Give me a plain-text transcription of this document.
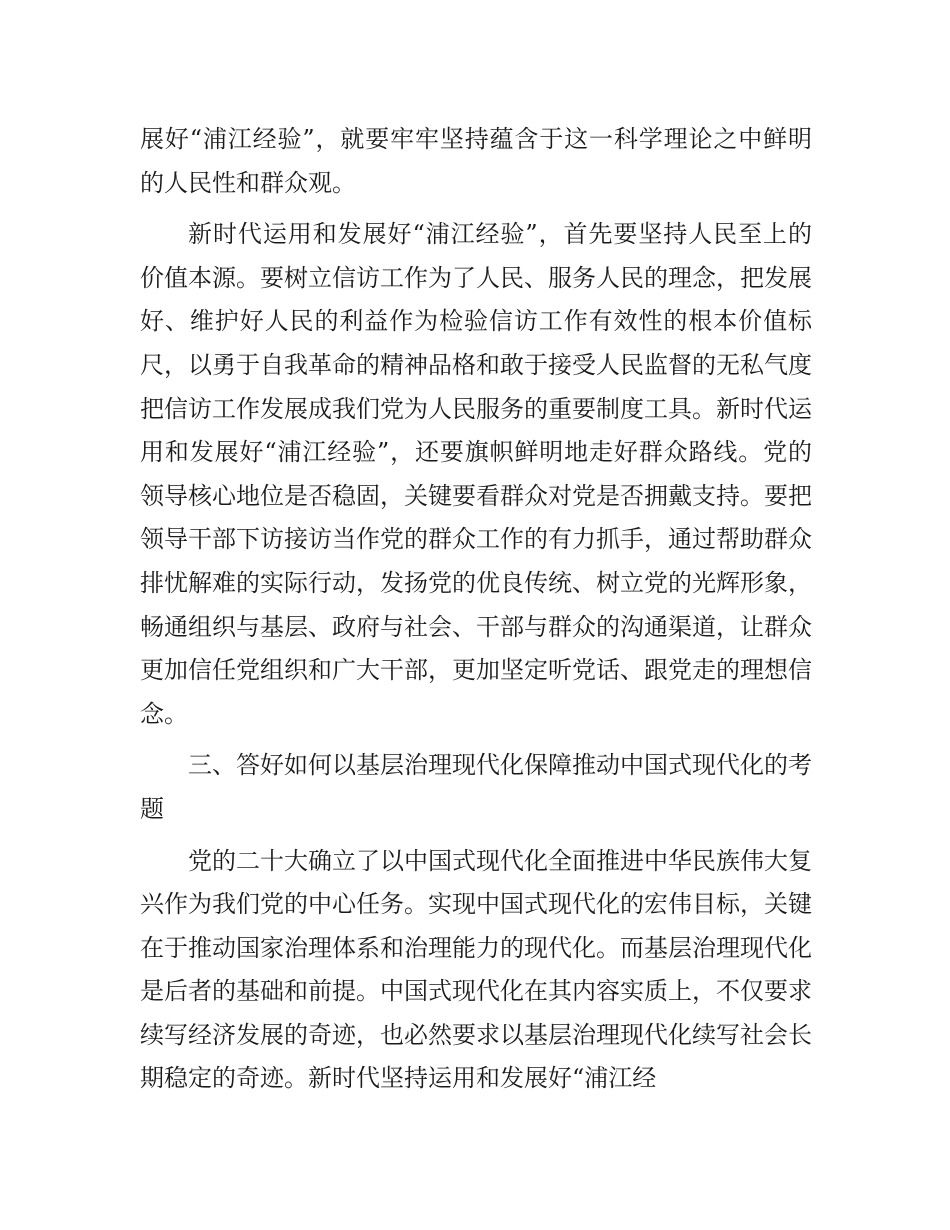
展好“浦江经验”，就要牢牢坚持蕴含于这一科学理论之中鲜明的人民性和群众观。

新时代运用和发展好“浦江经验”，首先要坚持人民至上的价值本源。要树立信访工作为了人民、服务人民的理念，把发展好、维护好人民的利益作为检验信访工作有效性的根本价值标尺，以勇于自我革命的精神品格和敢于接受人民监督的无私气度把信访工作发展成我们党为人民服务的重要制度工具。新时代运用和发展好“浦江经验”，还要旗帜鲜明地走好群众路线。党的领导核心地位是否稳固，关键要看群众对党是否拥戴支持。要把领导干部下访接访当作党的群众工作的有力抓手，通过帮助群众排忧解难的实际行动，发扬党的优良传统、树立党的光辉形象，畅通组织与基层、政府与社会、干部与群众的沟通渠道，让群众更加信任党组织和广大干部，更加坚定听党话、跟党走的理想信念。

三、答好如何以基层治理现代化保障推动中国式现代化的考题

党的二十大确立了以中国式现代化全面推进中华民族伟大复兴作为我们党的中心任务。实现中国式现代化的宏伟目标，关键在于推动国家治理体系和治理能力的现代化。而基层治理现代化是后者的基础和前提。中国式现代化在其内容实质上，不仅要求续写经济发展的奇迹，也必然要求以基层治理现代化续写社会长期稳定的奇迹。新时代坚持运用和发展好“浦江经
